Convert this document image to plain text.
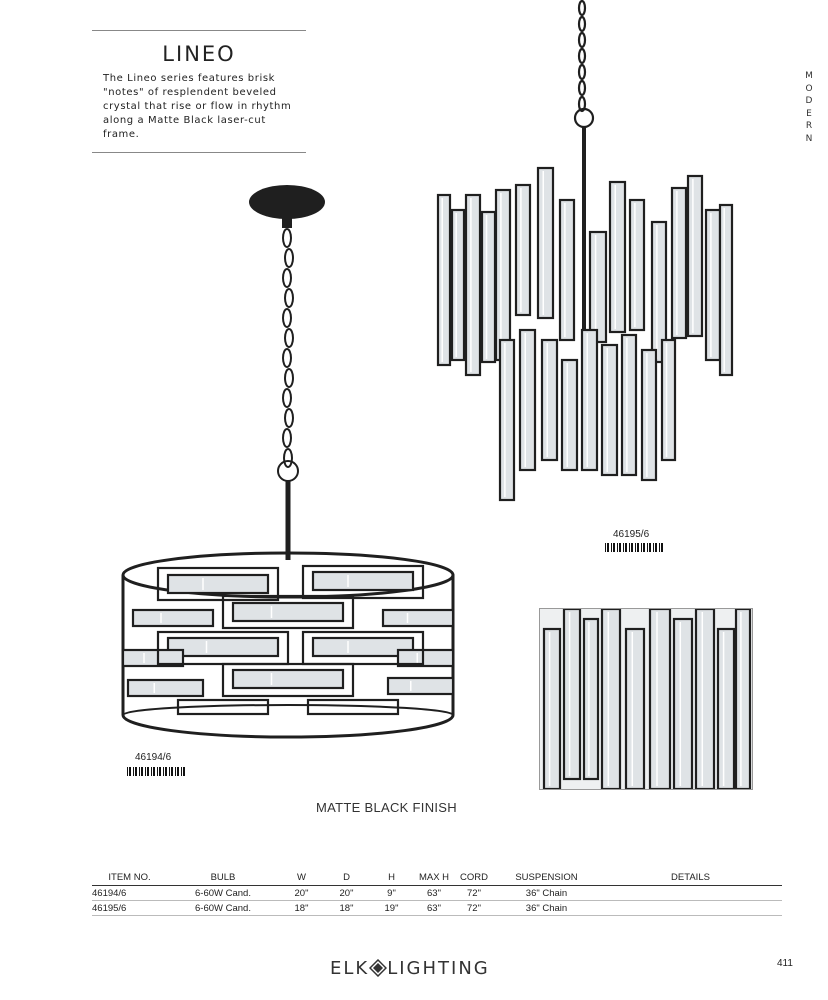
LINEO
The Lineo series features brisk "notes" of resplendent beveled crystal that rise or flow in rhythm along a Matte Black laser-cut frame.
M
O
D
E
R
N
46195/6
46194/6
MATTE BLACK FINISH
ITEM NO.	BULB	W	D	H	MAX H	CORD	SUSPENSION	DETAILS
46194/6	6-60W Cand.	20"	20"	9"	63"	72"	36" Chain	
46195/6	6-60W Cand.	18"	18"	19"	63"	72"	36" Chain	
ELK LIGHTING	411
